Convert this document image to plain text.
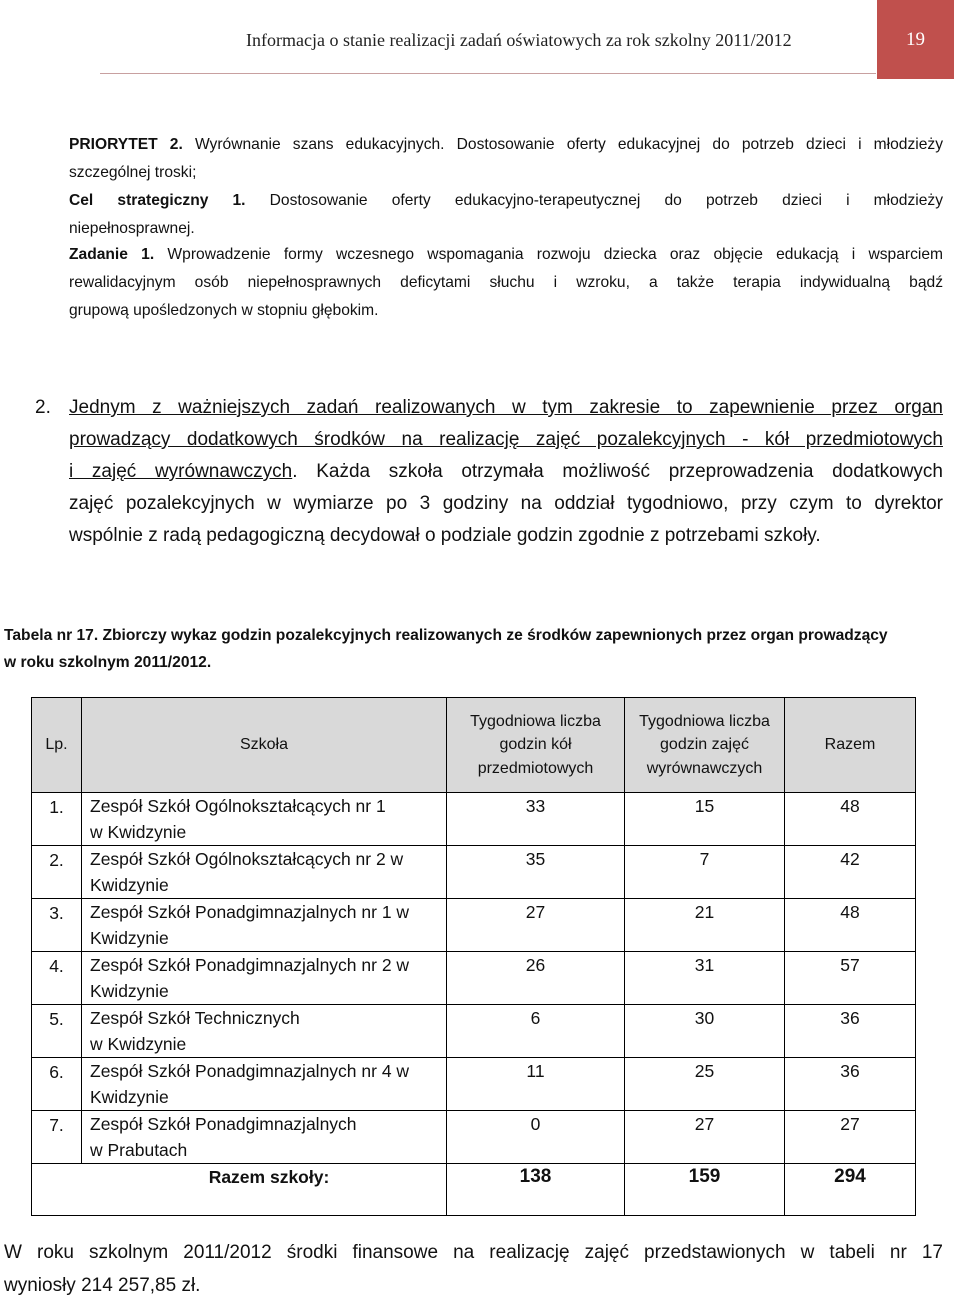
Informacja o stanie realizacji zadań oświatowych za rok szkolny 2011/2012	19
PRIORYTET 2. Wyrównanie szans edukacyjnych. Dostosowanie oferty edukacyjnej do potrzeb dzieci i młodzieży
szczególnej troski;
Cel strategiczny 1. Dostosowanie oferty edukacyjno-terapeutycznej do potrzeb dzieci i młodzieży
niepełnosprawnej.
Zadanie 1. Wprowadzenie formy wczesnego wspomagania rozwoju dziecka oraz objęcie edukacją i wsparciem
rewalidacyjnym osób niepełnosprawnych deficytami słuchu i wzroku, a także terapia indywidualną bądź
grupową upośledzonych w stopniu głębokim.
2. Jednym z ważniejszych zadań realizowanych w tym zakresie to zapewnienie przez organ
prowadzący dodatkowych środków na realizację zajęć pozalekcyjnych - kół przedmiotowych
i zajęć wyrównawczych. Każda szkoła otrzymała możliwość przeprowadzenia dodatkowych
zajęć pozalekcyjnych w wymiarze po 3 godziny na oddział tygodniowo, przy czym to dyrektor
wspólnie z radą pedagogiczną decydował o podziale godzin zgodnie z potrzebami szkoły.
Tabela nr 17. Zbiorczy wykaz godzin pozalekcyjnych realizowanych ze środków zapewnionych przez organ prowadzący
w roku szkolnym 2011/2012.
Lp.	Szkoła	Tygodniowa liczba godzin kół przedmiotowych	Tygodniowa liczba godzin zajęć wyrównawczych	Razem
1.	Zespół Szkół Ogólnokształcących nr 1
w Kwidzynie	33	15	48
2.	Zespół Szkół Ogólnokształcących nr 2 w
Kwidzynie	35	7	42
3.	Zespół Szkół Ponadgimnazjalnych nr 1 w
Kwidzynie	27	21	48
4.	Zespół Szkół Ponadgimnazjalnych nr 2 w
Kwidzynie	26	31	57
5.	Zespół Szkół Technicznych
w Kwidzynie	6	30	36
6.	Zespół Szkół Ponadgimnazjalnych nr 4 w
Kwidzynie	11	25	36
7.	Zespół Szkół Ponadgimnazjalnych
w Prabutach	0	27	27
Razem szkoły:		138	159	294
W roku szkolnym 2011/2012 środki finansowe na realizację zajęć przedstawionych w tabeli nr 17
wyniosły 214 257,85 zł.
